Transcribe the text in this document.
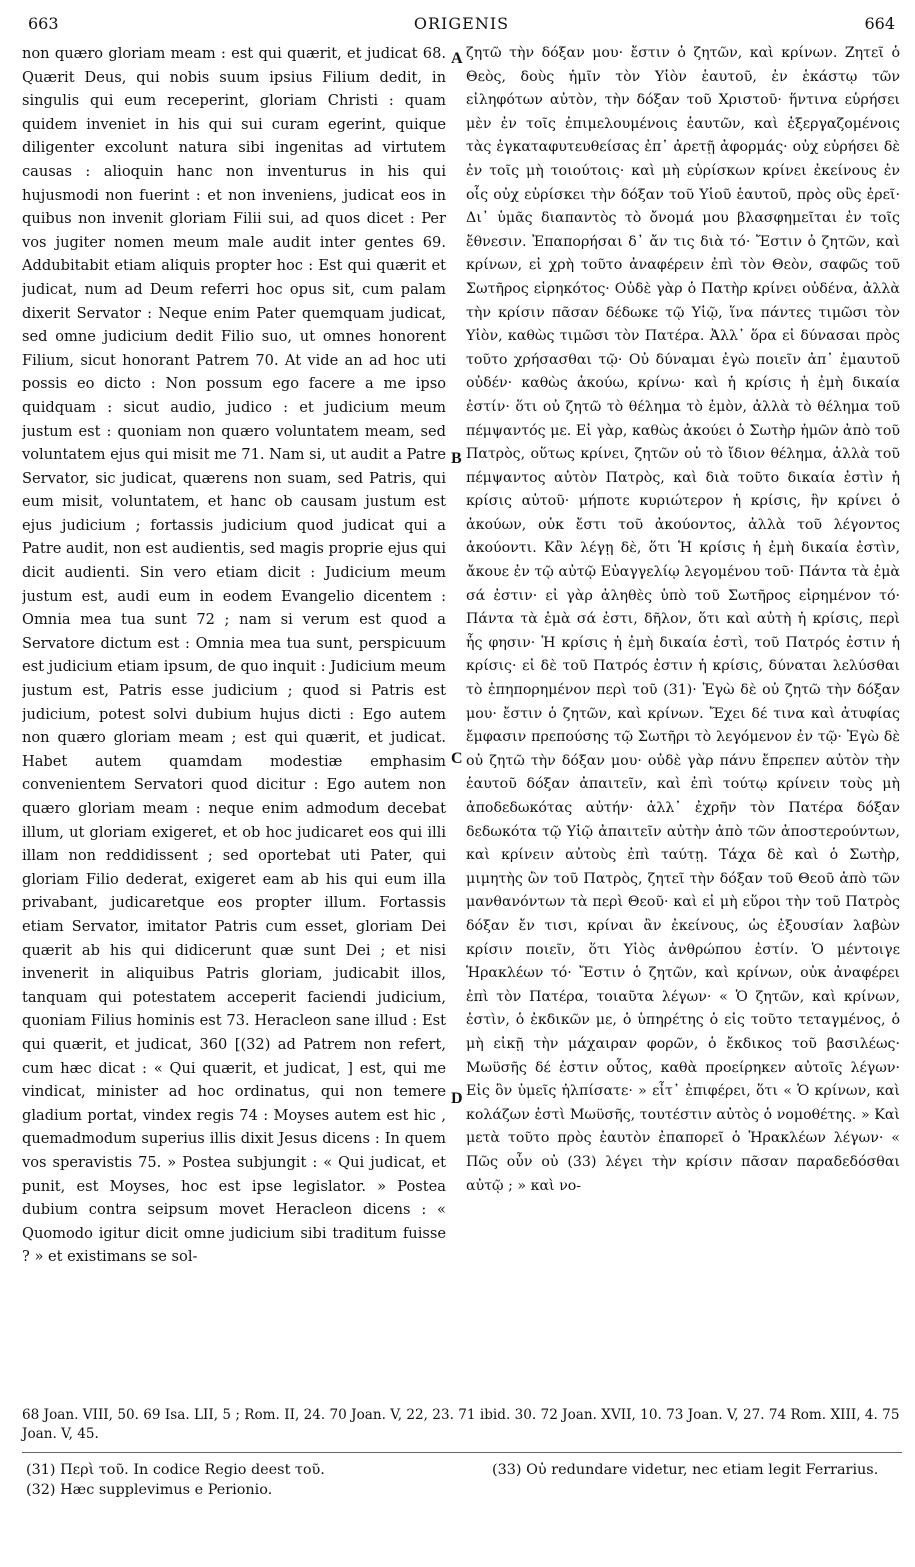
663	ORIGENIS	664

non quæro gloriam meam : est qui quærit, et judicat 68. Quærit Deus, qui nobis suum ipsius Filium dedit, in singulis qui eum receperint, gloriam Christi : quam quidem inveniet in his qui sui curam egerint, quique diligenter excolunt natura sibi ingenitas ad virtutem causas : alioquin hanc non inventurus in his qui hujusmodi non fuerint : et non inveniens, judicat eos in quibus non invenit gloriam Filii sui, ad quos dicet : Per vos jugiter nomen meum male audit inter gentes 69. Addubitabit etiam aliquis propter hoc : Est qui quærit et judicat, num ad Deum referri hoc opus sit, cum palam dixerit Servator : Neque enim Pater quemquam judicat, sed omne judicium dedit Filio suo, ut omnes honorent Filium, sicut honorant Patrem 70. At vide an ad hoc uti possis eo dicto : Non possum ego facere a me ipso quidquam : sicut audio, judico : et judicium meum justum est : quoniam non quæro voluntatem meam, sed voluntatem ejus qui misit me 71. Nam si, ut audit a Patre Servator, sic judicat, quærens non suam, sed Patris, qui eum misit, voluntatem, et hanc ob causam justum est ejus judicium ; fortassis judicium quod judicat qui a Patre audit, non est audientis, sed magis proprie ejus qui dicit audienti. Sin vero etiam dicit : Judicium meum justum est, audi eum in eodem Evangelio dicentem : Omnia mea tua sunt 72 ; nam si verum est quod a Servatore dictum est : Omnia mea tua sunt, perspicuum est judicium etiam ipsum, de quo inquit : Judicium meum justum est, Patris esse judicium ; quod si Patris est judicium, potest solvi dubium hujus dicti : Ego autem non quæro gloriam meam ; est qui quærit, et judicat. Habet autem quamdam modestiæ emphasim convenientem Servatori quod dicitur : Ego autem non quæro gloriam meam : neque enim admodum decebat illum, ut gloriam exigeret, et ob hoc judicaret eos qui illi illam non reddidissent ; sed oportebat uti Pater, qui gloriam Filio dederat, exigeret eam ab his qui eum illa privabant, judicaretque eos propter illum. Fortassis etiam Servator, imitator Patris cum esset, gloriam Dei quærit ab his qui didicerunt quæ sunt Dei ; et nisi invenerit in aliquibus Patris gloriam, judicabit illos, tanquam qui potestatem acceperit faciendi judicium, quoniam Filius hominis est 73. Heracleon sane illud : Est qui quærit, et judicat, 360 [(32) ad Patrem non refert, cum hæc dicat : « Qui quærit, et judicat, ] est, qui me vindicat, minister ad hoc ordinatus, qui non temere gladium portat, vindex regis 74 : Moyses autem est hic , quemadmodum superius illis dixit Jesus dicens : In quem vos speravistis 75. » Postea subjungit : « Qui judicat, et punit, est Moyses, hoc est ipse legislator. » Postea dubium contra seipsum movet Heracleon dicens : « Quomodo igitur dicit omne judicium sibi traditum fuisse ? » et existimans se sol-

ζητῶ τὴν δόξαν μου· ἔστιν ὁ ζητῶν, καὶ κρίνων. Ζητεῖ ὁ Θεὸς, δοὺς ἡμῖν τὸν Υἱὸν ἑαυτοῦ, ἐν ἑκάστῳ τῶν εἰληφότων αὐτὸν, τὴν δόξαν τοῦ Χριστοῦ· ἥντινα εὑρήσει μὲν ἐν τοῖς ἐπιμελουμένοις ἑαυτῶν, καὶ ἐξεργαζομένοις τὰς ἐγκαταφυτευθείσας ἐπ᾽ ἀρετῇ ἀφορμάς· οὐχ εὑρήσει δὲ ἐν τοῖς μὴ τοιούτοις· καὶ μὴ εὑρίσκων κρίνει ἐκείνους ἐν οἷς οὐχ εὑρίσκει τὴν δόξαν τοῦ Υἱοῦ ἑαυτοῦ, πρὸς οὓς ἐρεῖ· Δι᾽ ὑμᾶς διαπαντὸς τὸ ὄνομά μου βλασφημεῖται ἐν τοῖς ἔθνεσιν. Ἐπαπορήσαι δ᾽ ἄν τις διὰ τό· Ἔστιν ὁ ζητῶν, καὶ κρίνων, εἰ χρὴ τοῦτο ἀναφέρειν ἐπὶ τὸν Θεὸν, σαφῶς τοῦ Σωτῆρος εἰρηκότος· Οὐδὲ γὰρ ὁ Πατὴρ κρίνει οὐδένα, ἀλλὰ τὴν κρίσιν πᾶσαν δέδωκε τῷ Υἱῷ, ἵνα πάντες τιμῶσι τὸν Υἱὸν, καθὼς τιμῶσι τὸν Πατέρα. Ἀλλ᾽ ὅρα εἰ δύνασαι πρὸς τοῦτο χρήσασθαι τῷ· Οὐ δύναμαι ἐγὼ ποιεῖν ἀπ᾽ ἐμαυτοῦ οὐδέν· καθὼς ἀκούω, κρίνω· καὶ ἡ κρίσις ἡ ἐμὴ δικαία ἐστίν· ὅτι οὐ ζητῶ τὸ θέλημα τὸ ἐμὸν, ἀλλὰ τὸ θέλημα τοῦ πέμψαντός με. Εἰ γὰρ, καθὼς ἀκούει ὁ Σωτὴρ ἡμῶν ἀπὸ τοῦ Πατρὸς, οὕτως κρίνει, ζητῶν οὐ τὸ ἴδιον θέλημα, ἀλλὰ τοῦ πέμψαντος αὐτὸν Πατρὸς, καὶ διὰ τοῦτο δικαία ἐστὶν ἡ κρίσις αὐτοῦ· μήποτε κυριώτερον ἡ κρίσις, ἣν κρίνει ὁ ἀκούων, οὐκ ἔστι τοῦ ἀκούοντος, ἀλλὰ τοῦ λέγοντος ἀκούοντι. Κἂν λέγῃ δὲ, ὅτι Ἡ κρίσις ἡ ἐμὴ δικαία ἐστὶν, ἄκουε ἐν τῷ αὐτῷ Εὐαγγελίῳ λεγομένου τοῦ· Πάντα τὰ ἐμὰ σά ἐστιν· εἰ γὰρ ἀληθὲς ὑπὸ τοῦ Σωτῆρος εἰρημένον τό· Πάντα τὰ ἐμὰ σά ἐστι, δῆλον, ὅτι καὶ αὐτὴ ἡ κρίσις, περὶ ἧς φησιν· Ἡ κρίσις ἡ ἐμὴ δικαία ἐστὶ, τοῦ Πατρός ἐστιν ἡ κρίσις· εἰ δὲ τοῦ Πατρός ἐστιν ἡ κρίσις, δύναται λελύσθαι τὸ ἐπηπορημένον περὶ τοῦ (31)· Ἐγὼ δὲ οὐ ζητῶ τὴν δόξαν μου· ἔστιν ὁ ζητῶν, καὶ κρίνων. Ἔχει δέ τινα καὶ ἀτυφίας ἔμφασιν πρεπούσης τῷ Σωτῆρι τὸ λεγόμενον ἐν τῷ· Ἐγὼ δὲ οὐ ζητῶ τὴν δόξαν μου· οὐδὲ γὰρ πάνυ ἔπρεπεν αὐτὸν τὴν ἑαυτοῦ δόξαν ἀπαιτεῖν, καὶ ἐπὶ τούτῳ κρίνειν τοὺς μὴ ἀποδεδωκότας αὐτήν· ἀλλ᾽ ἐχρῆν τὸν Πατέρα δόξαν δεδωκότα τῷ Υἱῷ ἀπαιτεῖν αὐτὴν ἀπὸ τῶν ἀποστερούντων, καὶ κρίνειν αὐτοὺς ἐπὶ ταύτῃ. Τάχα δὲ καὶ ὁ Σωτὴρ, μιμητὴς ὢν τοῦ Πατρὸς, ζητεῖ τὴν δόξαν τοῦ Θεοῦ ἀπὸ τῶν μανθανόντων τὰ περὶ Θεοῦ· καὶ εἰ μὴ εὕροι τὴν τοῦ Πατρὸς δόξαν ἔν τισι, κρίναι ἂν ἐκείνους, ὡς ἐξουσίαν λαβὼν κρίσιν ποιεῖν, ὅτι Υἱὸς ἀνθρώπου ἐστίν. Ὁ μέντοιγε Ἡρακλέων τό· Ἔστιν ὁ ζητῶν, καὶ κρίνων, οὐκ ἀναφέρει ἐπὶ τὸν Πατέρα, τοιαῦτα λέγων· « Ὁ ζητῶν, καὶ κρίνων, ἐστὶν, ὁ ἐκδικῶν με, ὁ ὑπηρέτης ὁ εἰς τοῦτο τεταγμένος, ὁ μὴ εἰκῇ τὴν μάχαιραν φορῶν, ὁ ἔκδικος τοῦ βασιλέως· Μωϋσῆς δέ ἐστιν οὗτος, καθὰ προείρηκεν αὐτοῖς λέγων· Εἰς ὃν ὑμεῖς ἠλπίσατε· » εἶτ᾽ ἐπιφέρει, ὅτι « Ὁ κρίνων, καὶ κολάζων ἐστὶ Μωϋσῆς, τουτέστιν αὐτὸς ὁ νομοθέτης. » Καὶ μετὰ τοῦτο πρὸς ἑαυτὸν ἐπαπορεῖ ὁ Ἡρακλέων λέγων· « Πῶς οὖν οὐ (33) λέγει τὴν κρίσιν πᾶσαν παραδεδόσθαι αὐτῷ ; » καὶ νο-

A
B
C
D
68 Joan. VIII, 50. 69 Isa. LII, 5 ; Rom. II, 24. 70 Joan. V, 22, 23. 71 ibid. 30. 72 Joan. XVII, 10. 73 Joan. V, 27. 74 Rom. XIII, 4. 75 Joan. V, 45.
(31) Περὶ τοῦ. In codice Regio deest τοῦ.
(32) Hæc supplevimus e Perionio.
(33) Οὐ redundare videtur, nec etiam legit Ferrarius.
